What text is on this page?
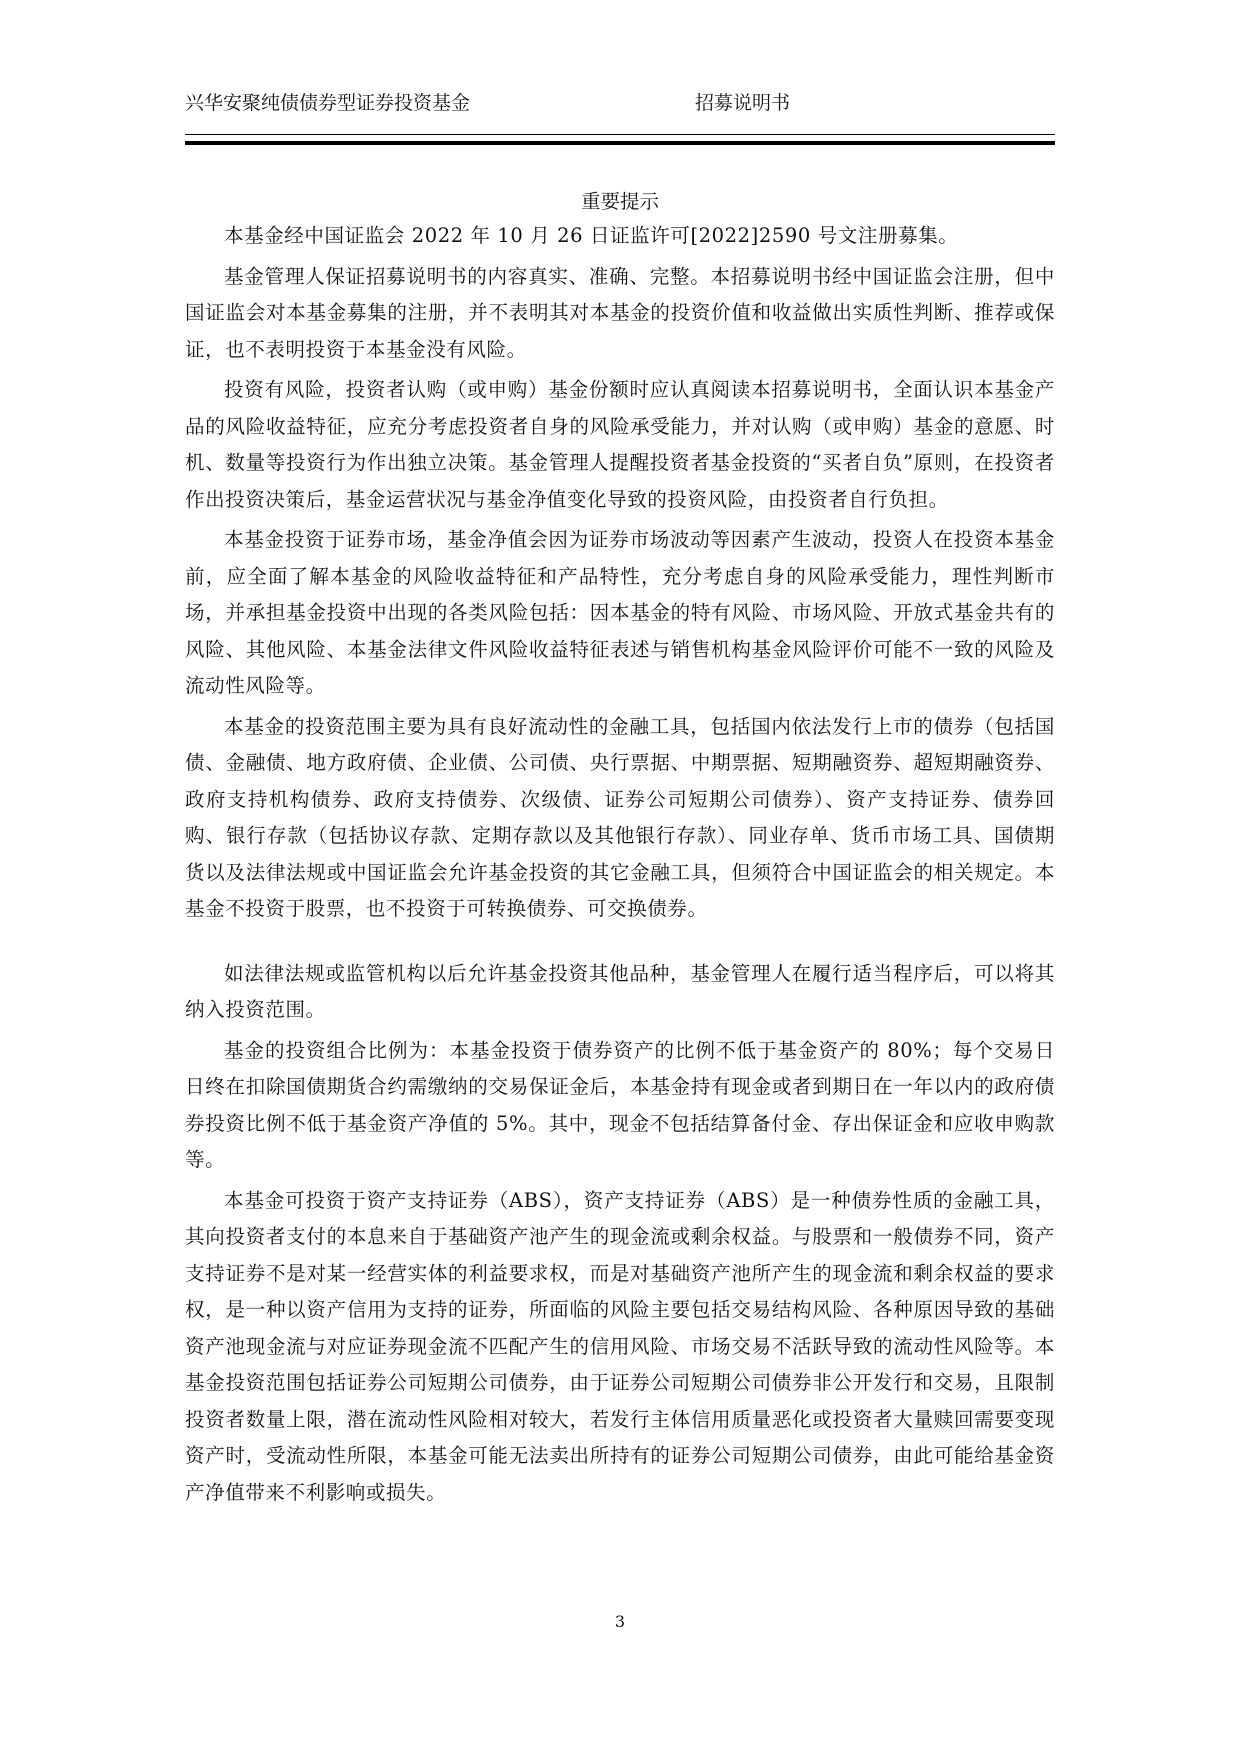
兴华安聚纯债债券型证券投资基金	招募说明书
重要提示

本基金经中国证监会 2022 年 10 月 26 日证监许可[2022]2590 号文注册募集。

基金管理人保证招募说明书的内容真实、准确、完整。本招募说明书经中国证监会注册，但中国证监会对本基金募集的注册，并不表明其对本基金的投资价值和收益做出实质性判断、推荐或保证，也不表明投资于本基金没有风险。

投资有风险，投资者认购（或申购）基金份额时应认真阅读本招募说明书，全面认识本基金产品的风险收益特征，应充分考虑投资者自身的风险承受能力，并对认购（或申购）基金的意愿、时机、数量等投资行为作出独立决策。基金管理人提醒投资者基金投资的“买者自负”原则，在投资者作出投资决策后，基金运营状况与基金净值变化导致的投资风险，由投资者自行负担。

本基金投资于证券市场，基金净值会因为证券市场波动等因素产生波动，投资人在投资本基金前，应全面了解本基金的风险收益特征和产品特性，充分考虑自身的风险承受能力，理性判断市场，并承担基金投资中出现的各类风险包括：因本基金的特有风险、市场风险、开放式基金共有的风险、其他风险、本基金法律文件风险收益特征表述与销售机构基金风险评价可能不一致的风险及流动性风险等。

本基金的投资范围主要为具有良好流动性的金融工具，包括国内依法发行上市的债券（包括国债、金融债、地方政府债、企业债、公司债、央行票据、中期票据、短期融资券、超短期融资券、政府支持机构债券、政府支持债券、次级债、证券公司短期公司债券）、资产支持证券、债券回购、银行存款（包括协议存款、定期存款以及其他银行存款）、同业存单、货币市场工具、国债期货以及法律法规或中国证监会允许基金投资的其它金融工具，但须符合中国证监会的相关规定。本基金不投资于股票，也不投资于可转换债券、可交换债券。

如法律法规或监管机构以后允许基金投资其他品种，基金管理人在履行适当程序后，可以将其纳入投资范围。

基金的投资组合比例为：本基金投资于债券资产的比例不低于基金资产的 80%；每个交易日日终在扣除国债期货合约需缴纳的交易保证金后，本基金持有现金或者到期日在一年以内的政府债券投资比例不低于基金资产净值的 5%。其中，现金不包括结算备付金、存出保证金和应收申购款等。

本基金可投资于资产支持证券（ABS），资产支持证券（ABS）是一种债券性质的金融工具，其向投资者支付的本息来自于基础资产池产生的现金流或剩余权益。与股票和一般债券不同，资产支持证券不是对某一经营实体的利益要求权，而是对基础资产池所产生的现金流和剩余权益的要求权，是一种以资产信用为支持的证券，所面临的风险主要包括交易结构风险、各种原因导致的基础资产池现金流与对应证券现金流不匹配产生的信用风险、市场交易不活跃导致的流动性风险等。本基金投资范围包括证券公司短期公司债券，由于证券公司短期公司债券非公开发行和交易，且限制投资者数量上限，潜在流动性风险相对较大，若发行主体信用质量恶化或投资者大量赎回需要变现资产时，受流动性所限，本基金可能无法卖出所持有的证券公司短期公司债券，由此可能给基金资产净值带来不利影响或损失。

3
